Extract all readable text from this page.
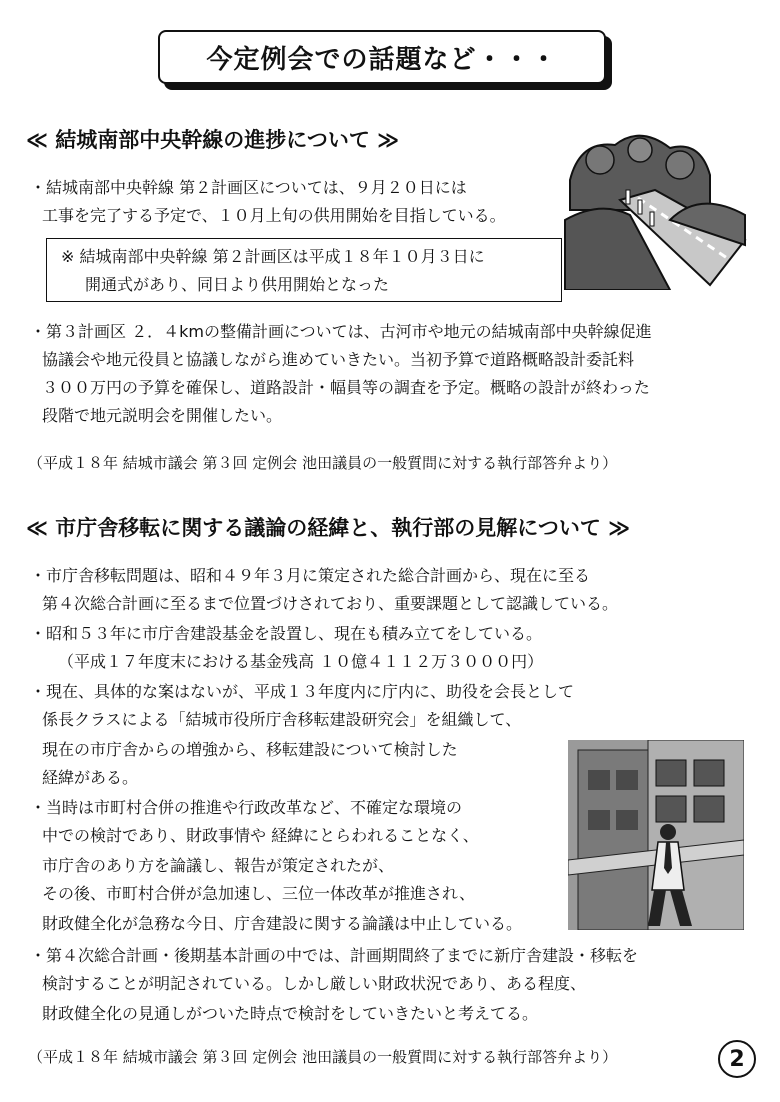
今定例会での話題など・・・
≪ 結城南部中央幹線の進捗について ≫
・結城南部中央幹線 第２計画区については、９月２０日には
工事を完了する予定で、１０月上旬の供用開始を目指している。
※ 結城南部中央幹線 第２計画区は平成１８年１０月３日に
開通式があり、同日より供用開始となった
・第３計画区 ２．４kmの整備計画については、古河市や地元の結城南部中央幹線促進
協議会や地元役員と協議しながら進めていきたい。当初予算で道路概略設計委託料
３００万円の予算を確保し、道路設計・幅員等の調査を予定。概略の設計が終わった
段階で地元説明会を開催したい。
（平成１８年 結城市議会 第３回 定例会 池田議員の一般質問に対する執行部答弁より）
≪ 市庁舎移転に関する議論の経緯と、執行部の見解について ≫
・市庁舎移転問題は、昭和４９年３月に策定された総合計画から、現在に至る
第４次総合計画に至るまで位置づけされており、重要課題として認識している。
・昭和５３年に市庁舎建設基金を設置し、現在も積み立てをしている。
（平成１７年度末における基金残高 １０億４１１２万３０００円）
・現在、具体的な案はないが、平成１３年度内に庁内に、助役を会長として
係長クラスによる「結城市役所庁舎移転建設研究会」を組織して、
現在の市庁舎からの増強から、移転建設について検討した
経緯がある。
・当時は市町村合併の推進や行政改革など、不確定な環境の
中での検討であり、財政事情や 経緯にとらわれることなく、
市庁舎のあり方を論議し、報告が策定されたが、
その後、市町村合併が急加速し、三位一体改革が推進され、
財政健全化が急務な今日、庁舎建設に関する論議は中止している。
・第４次総合計画・後期基本計画の中では、計画期間終了までに新庁舎建設・移転を
検討することが明記されている。しかし厳しい財政状況であり、ある程度、
財政健全化の見通しがついた時点で検討をしていきたいと考えてる。
（平成１８年 結城市議会 第３回 定例会 池田議員の一般質問に対する執行部答弁より）	2
